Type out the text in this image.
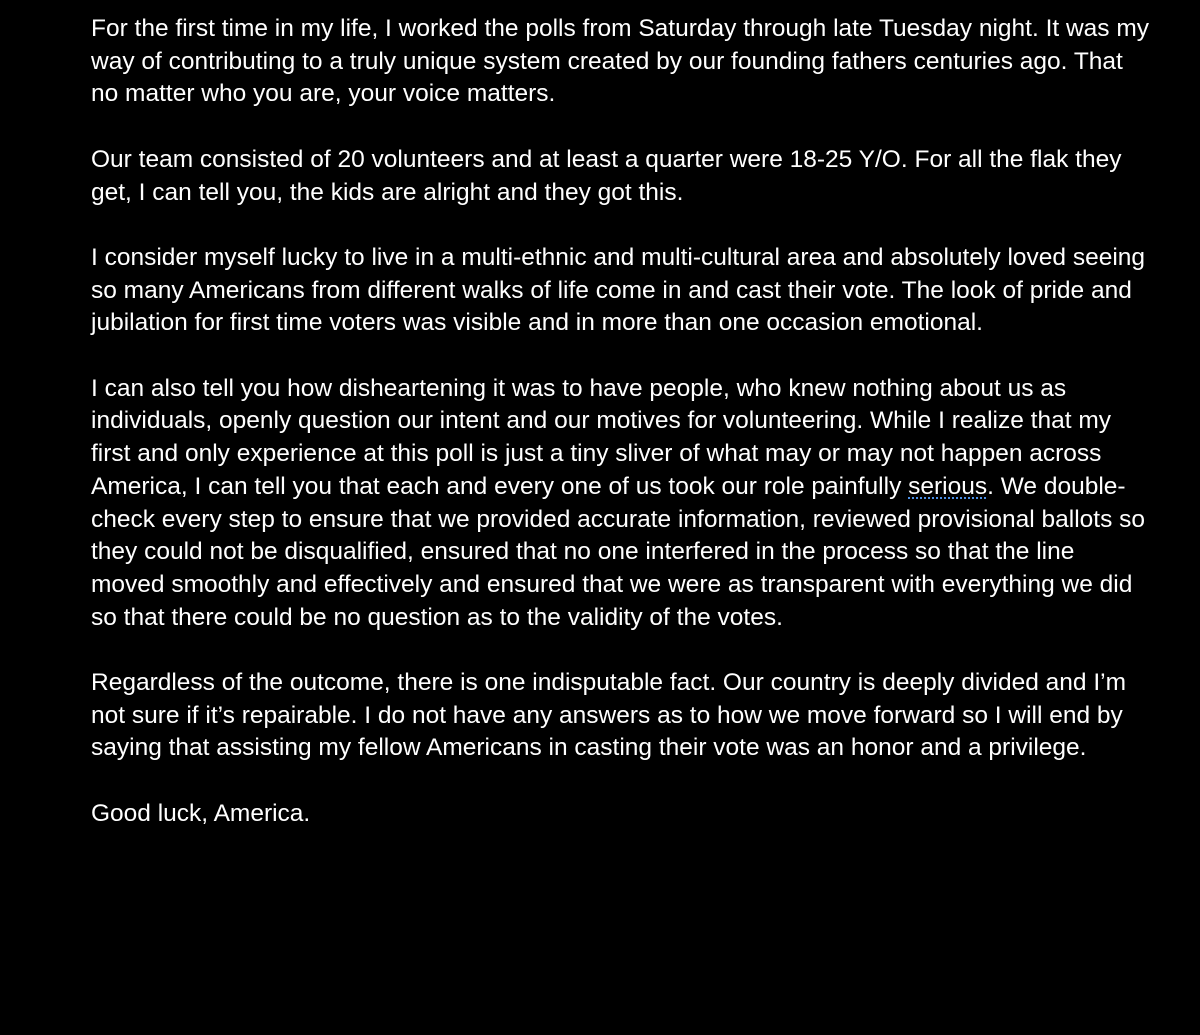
For the first time in my life, I worked the polls from Saturday through late Tuesday night. It was my way of contributing to a truly unique system created by our founding fathers centuries ago. That no matter who you are, your voice matters.

Our team consisted of 20 volunteers and at least a quarter were 18-25 Y/O. For all the flak they get, I can tell you, the kids are alright and they got this.

I consider myself lucky to live in a multi-ethnic and multi-cultural area and absolutely loved seeing so many Americans from different walks of life come in and cast their vote. The look of pride and jubilation for first time voters was visible and in more than one occasion emotional.

I can also tell you how disheartening it was to have people, who knew nothing about us as individuals, openly question our intent and our motives for volunteering. While I realize that my first and only experience at this poll is just a tiny sliver of what may or may not happen across America, I can tell you that each and every one of us took our role painfully serious. We double-check every step to ensure that we provided accurate information, reviewed provisional ballots so they could not be disqualified, ensured that no one interfered in the process so that the line moved smoothly and effectively and ensured that we were as transparent with everything we did so that there could be no question as to the validity of the votes.

Regardless of the outcome, there is one indisputable fact. Our country is deeply divided and I’m not sure if it’s repairable. I do not have any answers as to how we move forward so I will end by saying that assisting my fellow Americans in casting their vote was an honor and a privilege.

Good luck, America.
